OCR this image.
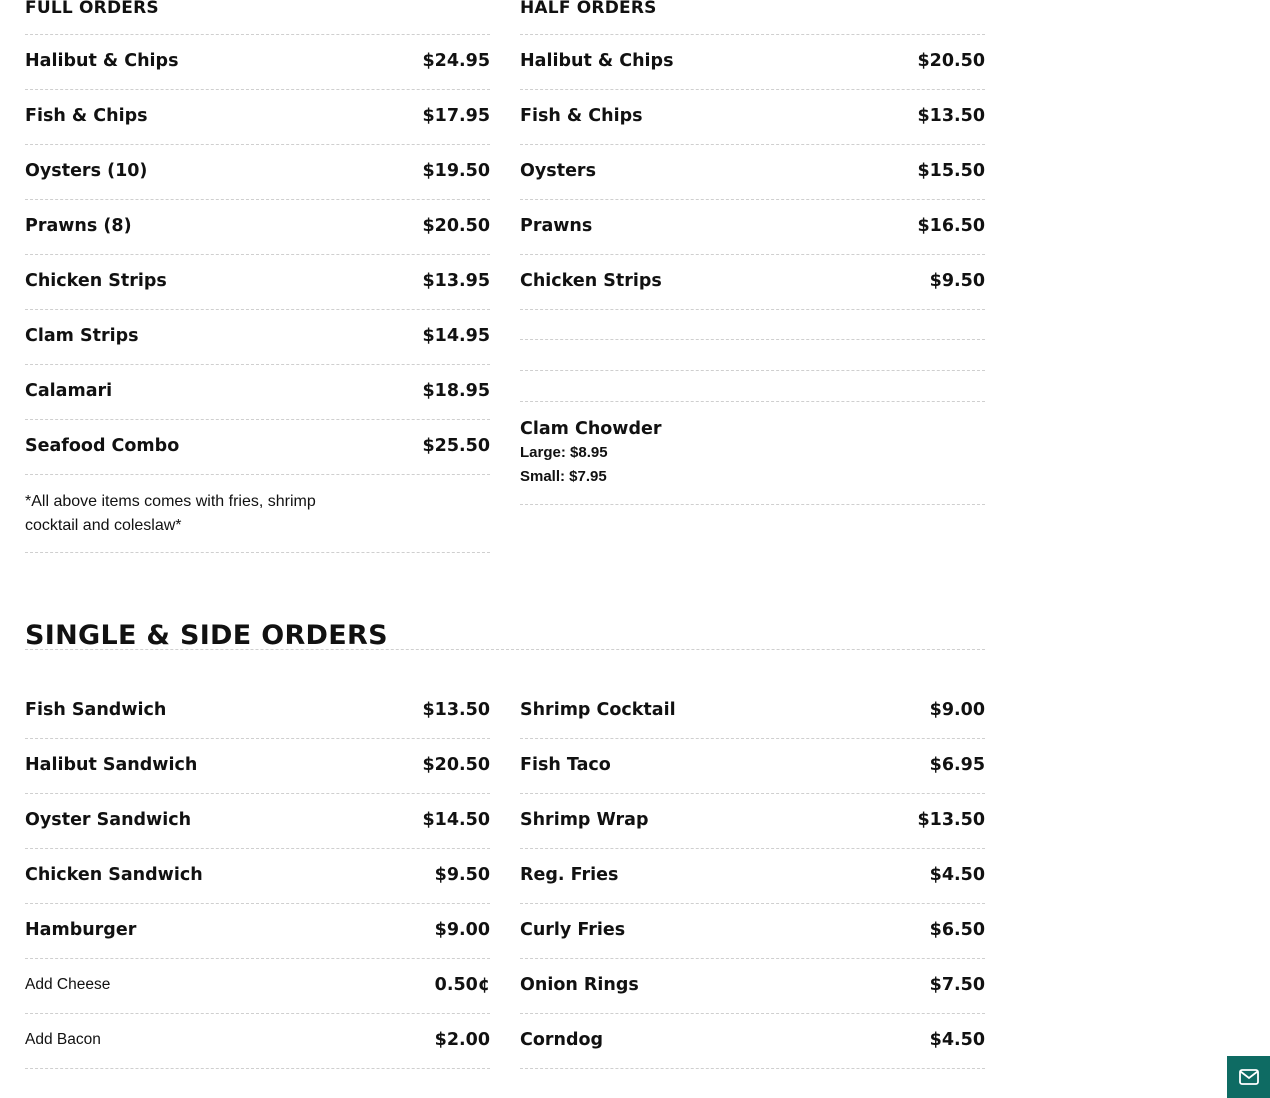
FULL ORDERS
Halibut & Chips	$24.95
Fish & Chips	$17.95
Oysters (10)	$19.50
Prawns (8)	$20.50
Chicken Strips	$13.95
Clam Strips	$14.95
Calamari	$18.95
Seafood Combo	$25.50
*All above items comes with fries, shrimp cocktail and coleslaw*
HALF ORDERS
Halibut & Chips	$20.50
Fish & Chips	$13.50
Oysters	$15.50
Prawns	$16.50
Chicken Strips	$9.50
Clam Chowder
Large: $8.95
Small: $7.95
SINGLE & SIDE ORDERS
Fish Sandwich	$13.50
Halibut Sandwich	$20.50
Oyster Sandwich	$14.50
Chicken Sandwich	$9.50
Hamburger	$9.00
Add Cheese	0.50¢
Add Bacon	$2.00
Shrimp Cocktail	$9.00
Fish Taco	$6.95
Shrimp Wrap	$13.50
Reg. Fries	$4.50
Curly Fries	$6.50
Onion Rings	$7.50
Corndog	$4.50
